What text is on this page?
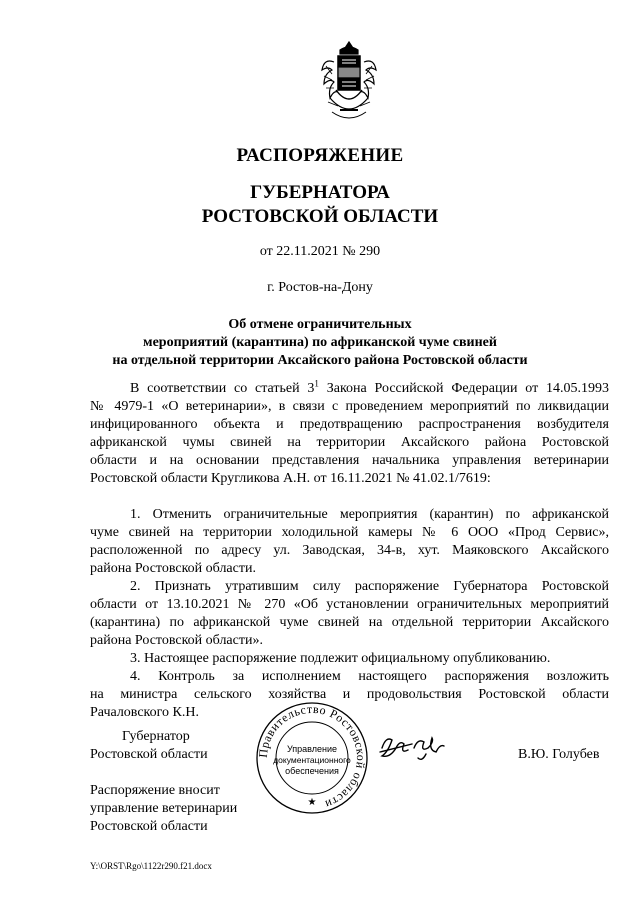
РАСПОРЯЖЕНИЕ
ГУБЕРНАТОРА
РОСТОВСКОЙ ОБЛАСТИ
от 22.11.2021 № 290
г. Ростов-на-Дону
Об отмене ограничительных
мероприятий (карантина) по африканской чуме свиней
на отдельной территории Аксайского района Ростовской области
В соответствии со статьей $3^1$ Закона Российской Федерации от 14.05.1993
№ 4979-1 «О ветеринарии», в связи с проведением мероприятий по ликвидации
инфицированного объекта и предотвращению распространения возбудителя
африканской чумы свиней на территории Аксайского района Ростовской
области и на основании представления начальника управления ветеринарии
Ростовской области Кругликова А.Н. от 16.11.2021 № 41.02.1/7619:
1. Отменить ограничительные мероприятия (карантин) по африканской
чуме свиней на территории холодильной камеры № 6 ООО «Прод Сервис»,
расположенной по адресу ул. Заводская, 34-в, хут. Маяковского Аксайского
района Ростовской области.
2. Признать утратившим силу распоряжение Губернатора Ростовской
области от 13.10.2021 № 270 «Об установлении ограничительных мероприятий
(карантина) по африканской чуме свиней на отдельной территории Аксайского
района Ростовской области».
3. Настоящее распоряжение подлежит официальному опубликованию.
4. Контроль за исполнением настоящего распоряжения возложить
на министра сельского хозяйства и продовольствия Ростовской области
Рачаловского К.Н.
Губернатор
Ростовской области	Правительство Ростовской области
★
Управление
документационного
обеспечения
В.Ю. Голубев
Распоряжение вносит
управление ветеринарии
Ростовской области
Y:\ORST\Rgo\1122r290.f21.docx
